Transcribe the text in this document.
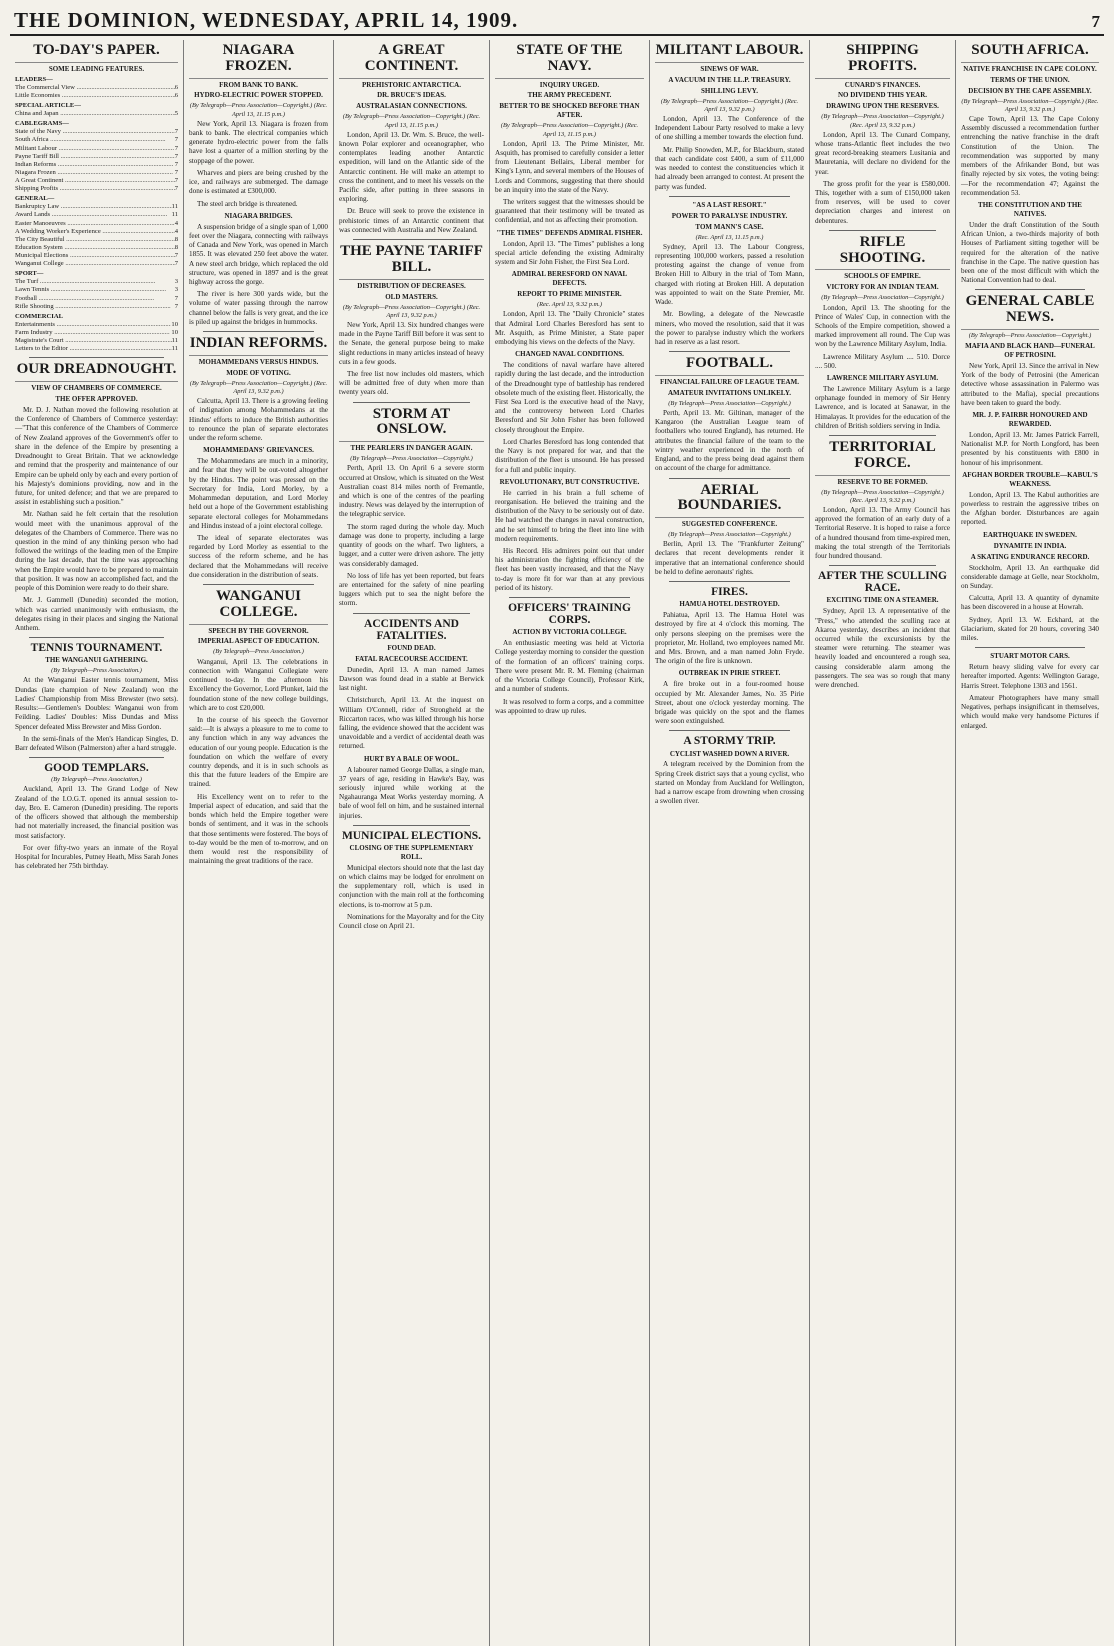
THE DOMINION, WEDNESDAY, APRIL 14, 1909.	7
TO-DAY'S PAPER.
SOME LEADING FEATURES.
LEADERS—
The Commercial View .....	6
Little Economies .....	6
SPECIAL ARTICLE—
China and Japan .....	5
CABLEGRAMS—
State of the Navy .....	7
South Africa .....	7
Militant Labour .....	7
Payne Tariff Bill .....	7
Indian Reforms .....	7
Niagara Frozen .....	7
A Great Continent .....	7
Shipping Profits .....	7
GENERAL—
Bankruptcy Law .....	11
Award Lands .....	11
Easter Manoeuvres .....	4
A Wedding Worker's Experience .....	4
The City Beautiful .....	8
Education System .....	8
Municipal Elections .....	7
Wanganui College .....	7
SPORT—
The Turf .....	3
Lawn Tennis .....	3
Football .....	7
Rifle Shooting .....	7
COMMERCIAL
Entertainments .....	10
Farm Industry .....	10
Magistrate's Court .....	11
Letters to the Editor .....	11
OUR DREADNOUGHT.
VIEW OF CHAMBERS OF COMMERCE.
THE OFFER APPROVED.

Mr. D. J. Nathan moved the following resolution at the Conference of Chambers of Commerce yesterday:—"That this conference of the Chambers of Commerce of New Zealand approves of the Government's offer to share in the defence of the Empire by presenting a Dreadnought to Great Britain. That we acknowledge and remind that the prosperity and maintenance of our Empire can be upheld only by each and every portion of his Majesty's dominions providing, now and in the future, for united defence; and that we are prepared to assist in establishing such a position."

Mr. Nathan said he felt certain that the resolution would meet with the unanimous approval of the delegates of the Chambers of Commerce. There was no question in the mind of any thinking person who had followed the writings of the leading men of the Empire during the last decade, that the time was approaching when the Empire would have to be prepared to maintain that position. It was now an accomplished fact, and the people of this Dominion were ready to do their share.

Mr. J. Gammell (Dunedin) seconded the motion, which was carried unanimously with enthusiasm, the delegates rising in their places and singing the National Anthem.

TENNIS TOURNAMENT.
THE WANGANUI GATHERING.
(By Telegraph—Press Association.)

At the Wanganui Easter tennis tournament, Miss Dundas (late champion of New Zealand) won the Ladies' Championship from Miss Brewster (two sets). Results:—Gentlemen's Doubles: Wanganui won from Feilding. Ladies' Doubles: Miss Dundas and Miss Spencer defeated Miss Brewster and Miss Gordon.

In the semi-finals of the Men's Handicap Singles, D. Barr defeated Wilson (Palmerston) after a hard struggle.

GOOD TEMPLARS.
(By Telegraph—Press Association.)

Auckland, April 13. The Grand Lodge of New Zealand of the I.O.G.T. opened its annual session to-day, Bro. E. Cameron (Dunedin) presiding. The reports of the officers showed that although the membership had not materially increased, the financial position was most satisfactory.

For over fifty-two years an inmate of the Royal Hospital for Incurables, Putney Heath, Miss Sarah Jones has celebrated her 75th birthday.

NIAGARA FROZEN.
FROM BANK TO BANK.
HYDRO-ELECTRIC POWER STOPPED.
(By Telegraph—Press Association—Copyright.) (Rec. April 13, 11.15 p.m.)

New York, April 13. Niagara is frozen from bank to bank. The electrical companies which generate hydro-electric power from the falls have lost a quarter of a million sterling by the stoppage of the power.

Wharves and piers are being crushed by the ice, and railways are submerged. The damage done is estimated at £300,000.

The steel arch bridge is threatened.

NIAGARA BRIDGES.

A suspension bridge of a single span of 1,000 feet over the Niagara, connecting with railways of Canada and New York, was opened in March 1855. It was elevated 250 feet above the water. A new steel arch bridge, which replaced the old structure, was opened in 1897 and is the great highway across the gorge.

The river is here 300 yards wide, but the volume of water passing through the narrow channel below the falls is very great, and the ice is piled up against the bridges in hummocks.

INDIAN REFORMS.
MOHAMMEDANS VERSUS HINDUS.
MODE OF VOTING.
(By Telegraph—Press Association—Copyright.) (Rec. April 13, 9.32 p.m.)

Calcutta, April 13. There is a growing feeling of indignation among Mohammedans at the Hindus' efforts to induce the British authorities to renounce the plan of separate electorates under the reform scheme.

MOHAMMEDANS' GRIEVANCES.

The Mohammedans are much in a minority, and fear that they will be out-voted altogether by the Hindus. The point was pressed on the Secretary for India, Lord Morley, by a Mohammedan deputation, and Lord Morley held out a hope of the Government establishing separate electoral colleges for Mohammedans and Hindus instead of a joint electoral college.

The ideal of separate electorates was regarded by Lord Morley as essential to the success of the reform scheme, and he has declared that the Mohammedans will receive due consideration in the distribution of seats.

WANGANUI COLLEGE.
SPEECH BY THE GOVERNOR.
IMPERIAL ASPECT OF EDUCATION.
(By Telegraph—Press Association.)

Wanganui, April 13. The celebrations in connection with Wanganui Collegiate were continued to-day. In the afternoon his Excellency the Governor, Lord Plunket, laid the foundation stone of the new college buildings, which are to cost £20,000.

In the course of his speech the Governor said:—It is always a pleasure to me to come to any function which in any way advances the education of our young people. Education is the foundation on which the welfare of every country depends, and it is in such schools as this that the future leaders of the Empire are trained.

His Excellency went on to refer to the Imperial aspect of education, and said that the bonds which held the Empire together were bonds of sentiment, and it was in the schools that those sentiments were fostered. The boys of to-day would be the men of to-morrow, and on them would rest the responsibility of maintaining the great traditions of the race.

A GREAT CONTINENT.
PREHISTORIC ANTARCTICA.
DR. BRUCE'S IDEAS.
AUSTRALASIAN CONNECTIONS.
(By Telegraph—Press Association—Copyright.) (Rec. April 13, 11.15 p.m.)

London, April 13. Dr. Wm. S. Bruce, the well-known Polar explorer and oceanographer, who contemplates leading another Antarctic expedition, will land on the Atlantic side of the Antarctic continent. He will make an attempt to cross the continent, and to meet his vessels on the Pacific side, after putting in three seasons in exploring.

Dr. Bruce will seek to prove the existence in prehistoric times of an Antarctic continent that was connected with Australia and New Zealand.

THE PAYNE TARIFF BILL.
DISTRIBUTION OF DECREASES.
OLD MASTERS.
(By Telegraph—Press Association—Copyright.) (Rec. April 13, 9.32 p.m.)

New York, April 13. Six hundred changes were made in the Payne Tariff Bill before it was sent to the Senate, the general purpose being to make slight reductions in many articles instead of heavy cuts in a few goods.

The free list now includes old masters, which will be admitted free of duty when more than twenty years old.

STORM AT ONSLOW.
THE PEARLERS IN DANGER AGAIN.
(By Telegraph—Press Association—Copyright.)

Perth, April 13. On April 6 a severe storm occurred at Onslow, which is situated on the West Australian coast 814 miles north of Fremantle, and which is one of the centres of the pearling industry. News was delayed by the interruption of the telegraphic service.

The storm raged during the whole day. Much damage was done to property, including a large quantity of goods on the wharf. Two lighters, a lugger, and a cutter were driven ashore. The jetty was considerably damaged.

No loss of life has yet been reported, but fears are entertained for the safety of nine pearling luggers which put to sea the night before the storm.

ACCIDENTS AND FATALITIES.
FOUND DEAD.
FATAL RACECOURSE ACCIDENT.

Dunedin, April 13. A man named James Dawson was found dead in a stable at Berwick last night.

Christchurch, April 13. At the inquest on William O'Connell, rider of Strongheld at the Riccarton races, who was killed through his horse falling, the evidence showed that the accident was unavoidable and a verdict of accidental death was returned.

HURT BY A BALE OF WOOL.

A labourer named George Dallas, a single man, 37 years of age, residing in Hawke's Bay, was seriously injured while working at the Ngahauranga Meat Works yesterday morning. A bale of wool fell on him, and he sustained internal injuries.

MUNICIPAL ELECTIONS.
CLOSING OF THE SUPPLEMENTARY ROLL.

Municipal electors should note that the last day on which claims may be lodged for enrolment on the supplementary roll, which is used in conjunction with the main roll at the forthcoming elections, is to-morrow at 5 p.m.

Nominations for the Mayoralty and for the City Council close on April 21.

STATE OF THE NAVY.
INQUIRY URGED.
THE ARMY PRECEDENT.
BETTER TO BE SHOCKED BEFORE THAN AFTER.
(By Telegraph—Press Association—Copyright.) (Rec. April 13, 11.15 p.m.)

London, April 13. The Prime Minister, Mr. Asquith, has promised to carefully consider a letter from Lieutenant Bellairs, Liberal member for King's Lynn, and several members of the Houses of Lords and Commons, suggesting that there should be an inquiry into the state of the Navy.

The writers suggest that the witnesses should be guaranteed that their testimony will be treated as confidential, and not as affecting their promotion.

"THE TIMES" DEFENDS ADMIRAL FISHER.

London, April 13. "The Times" publishes a long special article defending the existing Admiralty system and Sir John Fisher, the First Sea Lord.

ADMIRAL BERESFORD ON NAVAL DEFECTS.
REPORT TO PRIME MINISTER.
(Rec. April 13, 9.32 p.m.)

London, April 13. The "Daily Chronicle" states that Admiral Lord Charles Beresford has sent to Mr. Asquith, as Prime Minister, a State paper embodying his views on the defects of the Navy.

CHANGED NAVAL CONDITIONS.

The conditions of naval warfare have altered rapidly during the last decade, and the introduction of the Dreadnought type of battleship has rendered obsolete much of the existing fleet. Historically, the First Sea Lord is the executive head of the Navy, and the controversy between Lord Charles Beresford and Sir John Fisher has been followed closely throughout the Empire.

Lord Charles Beresford has long contended that the Navy is not prepared for war, and that the distribution of the fleet is unsound. He has pressed for a full and public inquiry.

REVOLUTIONARY, BUT CONSTRUCTIVE.

He carried in his brain a full scheme of reorganisation. He believed the training and the distribution of the Navy to be seriously out of date. He had watched the changes in naval construction, and he set himself to bring the fleet into line with modern requirements.

His Record. His admirers point out that under his administration the fighting efficiency of the fleet has been vastly increased, and that the Navy to-day is more fit for war than at any previous period of its history.

OFFICERS' TRAINING CORPS.
ACTION BY VICTORIA COLLEGE.

An enthusiastic meeting was held at Victoria College yesterday morning to consider the question of the formation of an officers' training corps. There were present Mr. R. M. Fleming (chairman of the Victoria College Council), Professor Kirk, and a number of students.

It was resolved to form a corps, and a committee was appointed to draw up rules.

MILITANT LABOUR.
SINEWS OF WAR.
A VACUUM IN THE I.L.P. TREASURY.
SHILLING LEVY.
(By Telegraph—Press Association—Copyright.) (Rec. April 13, 9.32 p.m.)

London, April 13. The Conference of the Independent Labour Party resolved to make a levy of one shilling a member towards the election fund.

Mr. Philip Snowden, M.P., for Blackburn, stated that each candidate cost £400, a sum of £11,000 was needed to contest the constituencies which it had already been arranged to contest. At present the party was funded.

"AS A LAST RESORT."
POWER TO PARALYSE INDUSTRY.
TOM MANN'S CASE.
(Rec. April 13, 11.15 p.m.)

Sydney, April 13. The Labour Congress, representing 100,000 workers, passed a resolution protesting against the change of venue from Broken Hill to Albury in the trial of Tom Mann, charged with rioting at Broken Hill. A deputation was appointed to wait on the State Premier, Mr. Wade.

Mr. Bowling, a delegate of the Newcastle miners, who moved the resolution, said that it was the power to paralyse industry which the workers had in reserve as a last resort.

FOOTBALL.
FINANCIAL FAILURE OF LEAGUE TEAM.
AMATEUR INVITATIONS UNLIKELY.
(By Telegraph—Press Association—Copyright.)

Perth, April 13. Mr. Giltinan, manager of the Kangaroo (the Australian League team of footballers who toured England), has returned. He attributes the financial failure of the team to the wintry weather experienced in the north of England, and to the press being dead against them on account of the charge for admittance.

AERIAL BOUNDARIES.
SUGGESTED CONFERENCE.
(By Telegraph—Press Association—Copyright.)

Berlin, April 13. The "Frankfurter Zeitung" declares that recent developments render it imperative that an international conference should be held to define aeronauts' rights.

FIRES.
HAMUA HOTEL DESTROYED.

Pahiatua, April 13. The Hamua Hotel was destroyed by fire at 4 o'clock this morning. The only persons sleeping on the premises were the proprietor, Mr. Holland, two employees named Mr. and Mrs. Brown, and a man named John Fryde. The origin of the fire is unknown.

OUTBREAK IN PIRIE STREET.

A fire broke out in a four-roomed house occupied by Mr. Alexander James, No. 35 Pirie Street, about one o'clock yesterday morning. The brigade was quickly on the spot and the flames were soon extinguished.

A STORMY TRIP.
CYCLIST WASHED DOWN A RIVER.

A telegram received by the Dominion from the Spring Creek district says that a young cyclist, who started on Monday from Auckland for Wellington, had a narrow escape from drowning when crossing a swollen river.

SHIPPING PROFITS.
CUNARD'S FINANCES.
NO DIVIDEND THIS YEAR.
DRAWING UPON THE RESERVES.
(By Telegraph—Press Association—Copyright.) (Rec. April 13, 9.32 p.m.)

London, April 13. The Cunard Company, whose trans-Atlantic fleet includes the two great record-breaking steamers Lusitania and Mauretania, will declare no dividend for the year.

The gross profit for the year is £580,000. This, together with a sum of £150,000 taken from reserves, will be used to cover depreciation charges and interest on debentures.

RIFLE SHOOTING.
SCHOOLS OF EMPIRE.
VICTORY FOR AN INDIAN TEAM.
(By Telegraph—Press Association—Copyright.)

London, April 13. The shooting for the Prince of Wales' Cup, in connection with the Schools of the Empire competition, showed a marked improvement all round. The Cup was won by the Lawrence Military Asylum, India.

Lawrence Military Asylum .... 510. Dorce .... 500.

LAWRENCE MILITARY ASYLUM.

The Lawrence Military Asylum is a large orphanage founded in memory of Sir Henry Lawrence, and is located at Sanawar, in the Himalayas. It provides for the education of the children of British soldiers serving in India.

TERRITORIAL FORCE.
RESERVE TO BE FORMED.
(By Telegraph—Press Association—Copyright.) (Rec. April 13, 9.32 p.m.)

London, April 13. The Army Council has approved the formation of an early duty of a Territorial Reserve. It is hoped to raise a force of a hundred thousand from time-expired men, making the total strength of the Territorials four hundred thousand.

AFTER THE SCULLING RACE.
EXCITING TIME ON A STEAMER.

Sydney, April 13. A representative of the "Press," who attended the sculling race at Akaroa yesterday, describes an incident that occurred while the excursionists by the steamer were returning. The steamer was heavily loaded and encountered a rough sea, causing considerable alarm among the passengers. The sea was so rough that many were drenched.

SOUTH AFRICA.
NATIVE FRANCHISE IN CAPE COLONY.
TERMS OF THE UNION.
DECISION BY THE CAPE ASSEMBLY.
(By Telegraph—Press Association—Copyright.) (Rec. April 13, 9.32 p.m.)

Cape Town, April 13. The Cape Colony Assembly discussed a recommendation further entrenching the native franchise in the draft Constitution of the Union. The recommendation was supported by many members of the Afrikander Bond, but was finally rejected by six votes, the voting being:—For the recommendation 47; Against the recommendation 53.

THE CONSTITUTION AND THE NATIVES.

Under the draft Constitution of the South African Union, a two-thirds majority of both Houses of Parliament sitting together will be required for the alteration of the native franchise in the Cape. The native question has been one of the most difficult with which the National Convention had to deal.

GENERAL CABLE NEWS.
(By Telegraph—Press Association—Copyright.)
MAFIA AND BLACK HAND—FUNERAL OF PETROSINI.

New York, April 13. Since the arrival in New York of the body of Petrosini (the American detective whose assassination in Palermo was attributed to the Mafia), special precautions have been taken to guard the body.

MR. J. P. FAIRBR HONOURED AND REWARDED.

London, April 13. Mr. James Patrick Farrell, Nationalist M.P. for North Longford, has been presented by his constituents with £800 in honour of his imprisonment.

AFGHAN BORDER TROUBLE—KABUL'S WEAKNESS.

London, April 13. The Kabul authorities are powerless to restrain the aggressive tribes on the Afghan border. Disturbances are again reported.

EARTHQUAKE IN SWEDEN.
DYNAMITE IN INDIA.
A SKATING ENDURANCE RECORD.

Stockholm, April 13. An earthquake did considerable damage at Gelle, near Stockholm, on Sunday.

Calcutta, April 13. A quantity of dynamite has been discovered in a house at Howrah.

Sydney, April 13. W. Eckhard, at the Glaciarium, skated for 20 hours, covering 340 miles.

STUART MOTOR CARS.

Return heavy sliding valve for every car hereafter imported. Agents: Wellington Garage, Harris Street. Telephone 1303 and 1561.

Amateur Photographers have many small Negatives, perhaps insignificant in themselves, which would make very handsome Pictures if enlarged.
